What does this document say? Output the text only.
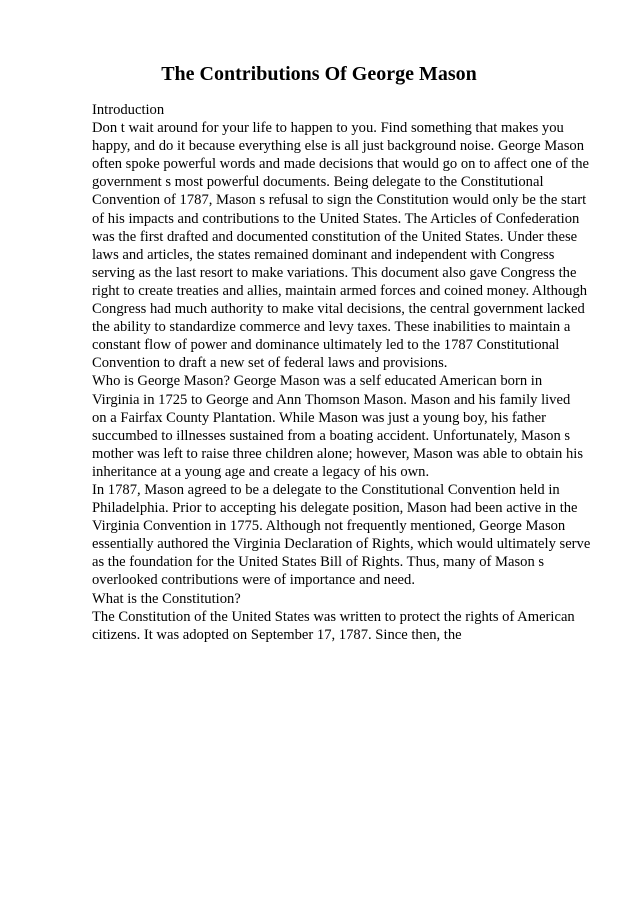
The Contributions Of George Mason
Introduction
Don t wait around for your life to happen to you. Find something that makes you
happy, and do it because everything else is all just background noise. George Mason
often spoke powerful words and made decisions that would go on to affect one of the
government s most powerful documents. Being delegate to the Constitutional
Convention of 1787, Mason s refusal to sign the Constitution would only be the start
of his impacts and contributions to the United States. The Articles of Confederation
was the first drafted and documented constitution of the United States. Under these
laws and articles, the states remained dominant and independent with Congress
serving as the last resort to make variations. This document also gave Congress the
right to create treaties and allies, maintain armed forces and coined money. Although
Congress had much authority to make vital decisions, the central government lacked
the ability to standardize commerce and levy taxes. These inabilities to maintain a
constant flow of power and dominance ultimately led to the 1787 Constitutional
Convention to draft a new set of federal laws and provisions.
Who is George Mason? George Mason was a self educated American born in
Virginia in 1725 to George and Ann Thomson Mason. Mason and his family lived
on a Fairfax County Plantation. While Mason was just a young boy, his father
succumbed to illnesses sustained from a boating accident. Unfortunately, Mason s
mother was left to raise three children alone; however, Mason was able to obtain his
inheritance at a young age and create a legacy of his own.
In 1787, Mason agreed to be a delegate to the Constitutional Convention held in
Philadelphia. Prior to accepting his delegate position, Mason had been active in the
Virginia Convention in 1775. Although not frequently mentioned, George Mason
essentially authored the Virginia Declaration of Rights, which would ultimately serve
as the foundation for the United States Bill of Rights. Thus, many of Mason s
overlooked contributions were of importance and need.
What is the Constitution?
The Constitution of the United States was written to protect the rights of American
citizens. It was adopted on September 17, 1787. Since then, the
